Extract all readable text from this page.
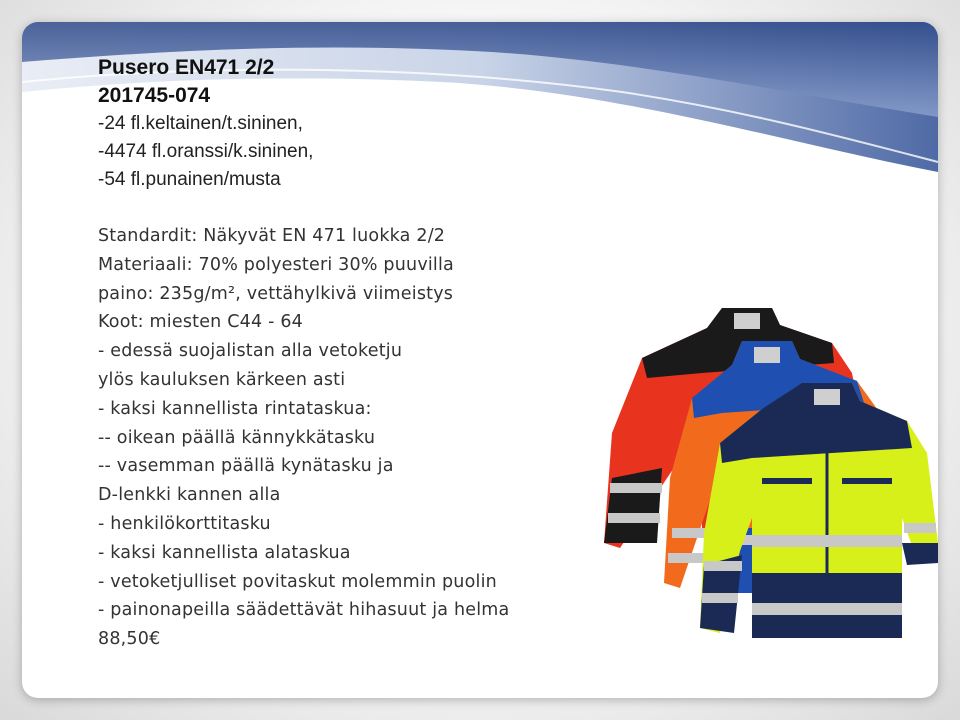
Pusero EN471 2/2
201745-074
-24 fl.keltainen/t.sininen,
-4474 fl.oranssi/k.sininen,
-54 fl.punainen/musta
Standardit: Näkyvät EN 471 luokka 2/2
Materiaali: 70% polyesteri 30% puuvilla
paino: 235g/m², vettähylkivä viimeistys
Koot: miesten C44 - 64
- edessä suojalistan alla vetoketju
ylös kauluksen kärkeen asti
- kaksi kannellista rintataskua:
-- oikean päällä kännykkätasku
-- vasemman päällä kynätasku ja
D-lenkki kannen alla
- henkilökorttitasku
- kaksi kannellista alataskua
- vetoketjulliset povitaskut molemmin puolin
- painonapeilla säädettävät hihasuut ja helma
88,50€
